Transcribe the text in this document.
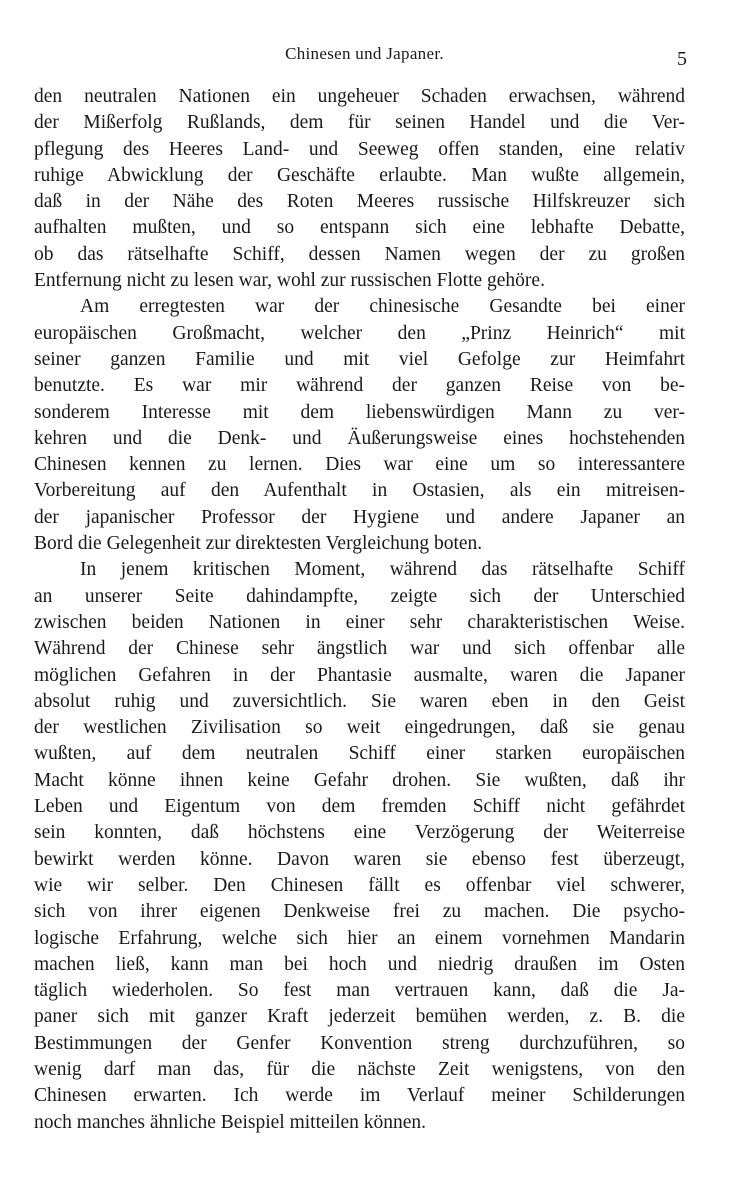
Chinesen und Japaner.	5
den neutralen Nationen ein ungeheuer Schaden erwachsen, während
der Mißerfolg Rußlands, dem für seinen Handel und die Ver-
pflegung des Heeres Land- und Seeweg offen standen, eine relativ
ruhige Abwicklung der Geschäfte erlaubte. Man wußte allgemein,
daß in der Nähe des Roten Meeres russische Hilfskreuzer sich
aufhalten mußten, und so entspann sich eine lebhafte Debatte,
ob das rätselhafte Schiff, dessen Namen wegen der zu großen
Entfernung nicht zu lesen war, wohl zur russischen Flotte gehöre.
Am erregtesten war der chinesische Gesandte bei einer
europäischen Großmacht, welcher den „Prinz Heinrich“ mit
seiner ganzen Familie und mit viel Gefolge zur Heimfahrt
benutzte. Es war mir während der ganzen Reise von be-
sonderem Interesse mit dem liebenswürdigen Mann zu ver-
kehren und die Denk- und Äußerungsweise eines hochstehenden
Chinesen kennen zu lernen. Dies war eine um so interessantere
Vorbereitung auf den Aufenthalt in Ostasien, als ein mitreisen-
der japanischer Professor der Hygiene und andere Japaner an
Bord die Gelegenheit zur direktesten Vergleichung boten.
In jenem kritischen Moment, während das rätselhafte Schiff
an unserer Seite dahindampfte, zeigte sich der Unterschied
zwischen beiden Nationen in einer sehr charakteristischen Weise.
Während der Chinese sehr ängstlich war und sich offenbar alle
möglichen Gefahren in der Phantasie ausmalte, waren die Japaner
absolut ruhig und zuversichtlich. Sie waren eben in den Geist
der westlichen Zivilisation so weit eingedrungen, daß sie genau
wußten, auf dem neutralen Schiff einer starken europäischen
Macht könne ihnen keine Gefahr drohen. Sie wußten, daß ihr
Leben und Eigentum von dem fremden Schiff nicht gefährdet
sein konnten, daß höchstens eine Verzögerung der Weiterreise
bewirkt werden könne. Davon waren sie ebenso fest überzeugt,
wie wir selber. Den Chinesen fällt es offenbar viel schwerer,
sich von ihrer eigenen Denkweise frei zu machen. Die psycho-
logische Erfahrung, welche sich hier an einem vornehmen Mandarin
machen ließ, kann man bei hoch und niedrig draußen im Osten
täglich wiederholen. So fest man vertrauen kann, daß die Ja-
paner sich mit ganzer Kraft jederzeit bemühen werden, z. B. die
Bestimmungen der Genfer Konvention streng durchzuführen, so
wenig darf man das, für die nächste Zeit wenigstens, von den
Chinesen erwarten. Ich werde im Verlauf meiner Schilderungen
noch manches ähnliche Beispiel mitteilen können.
